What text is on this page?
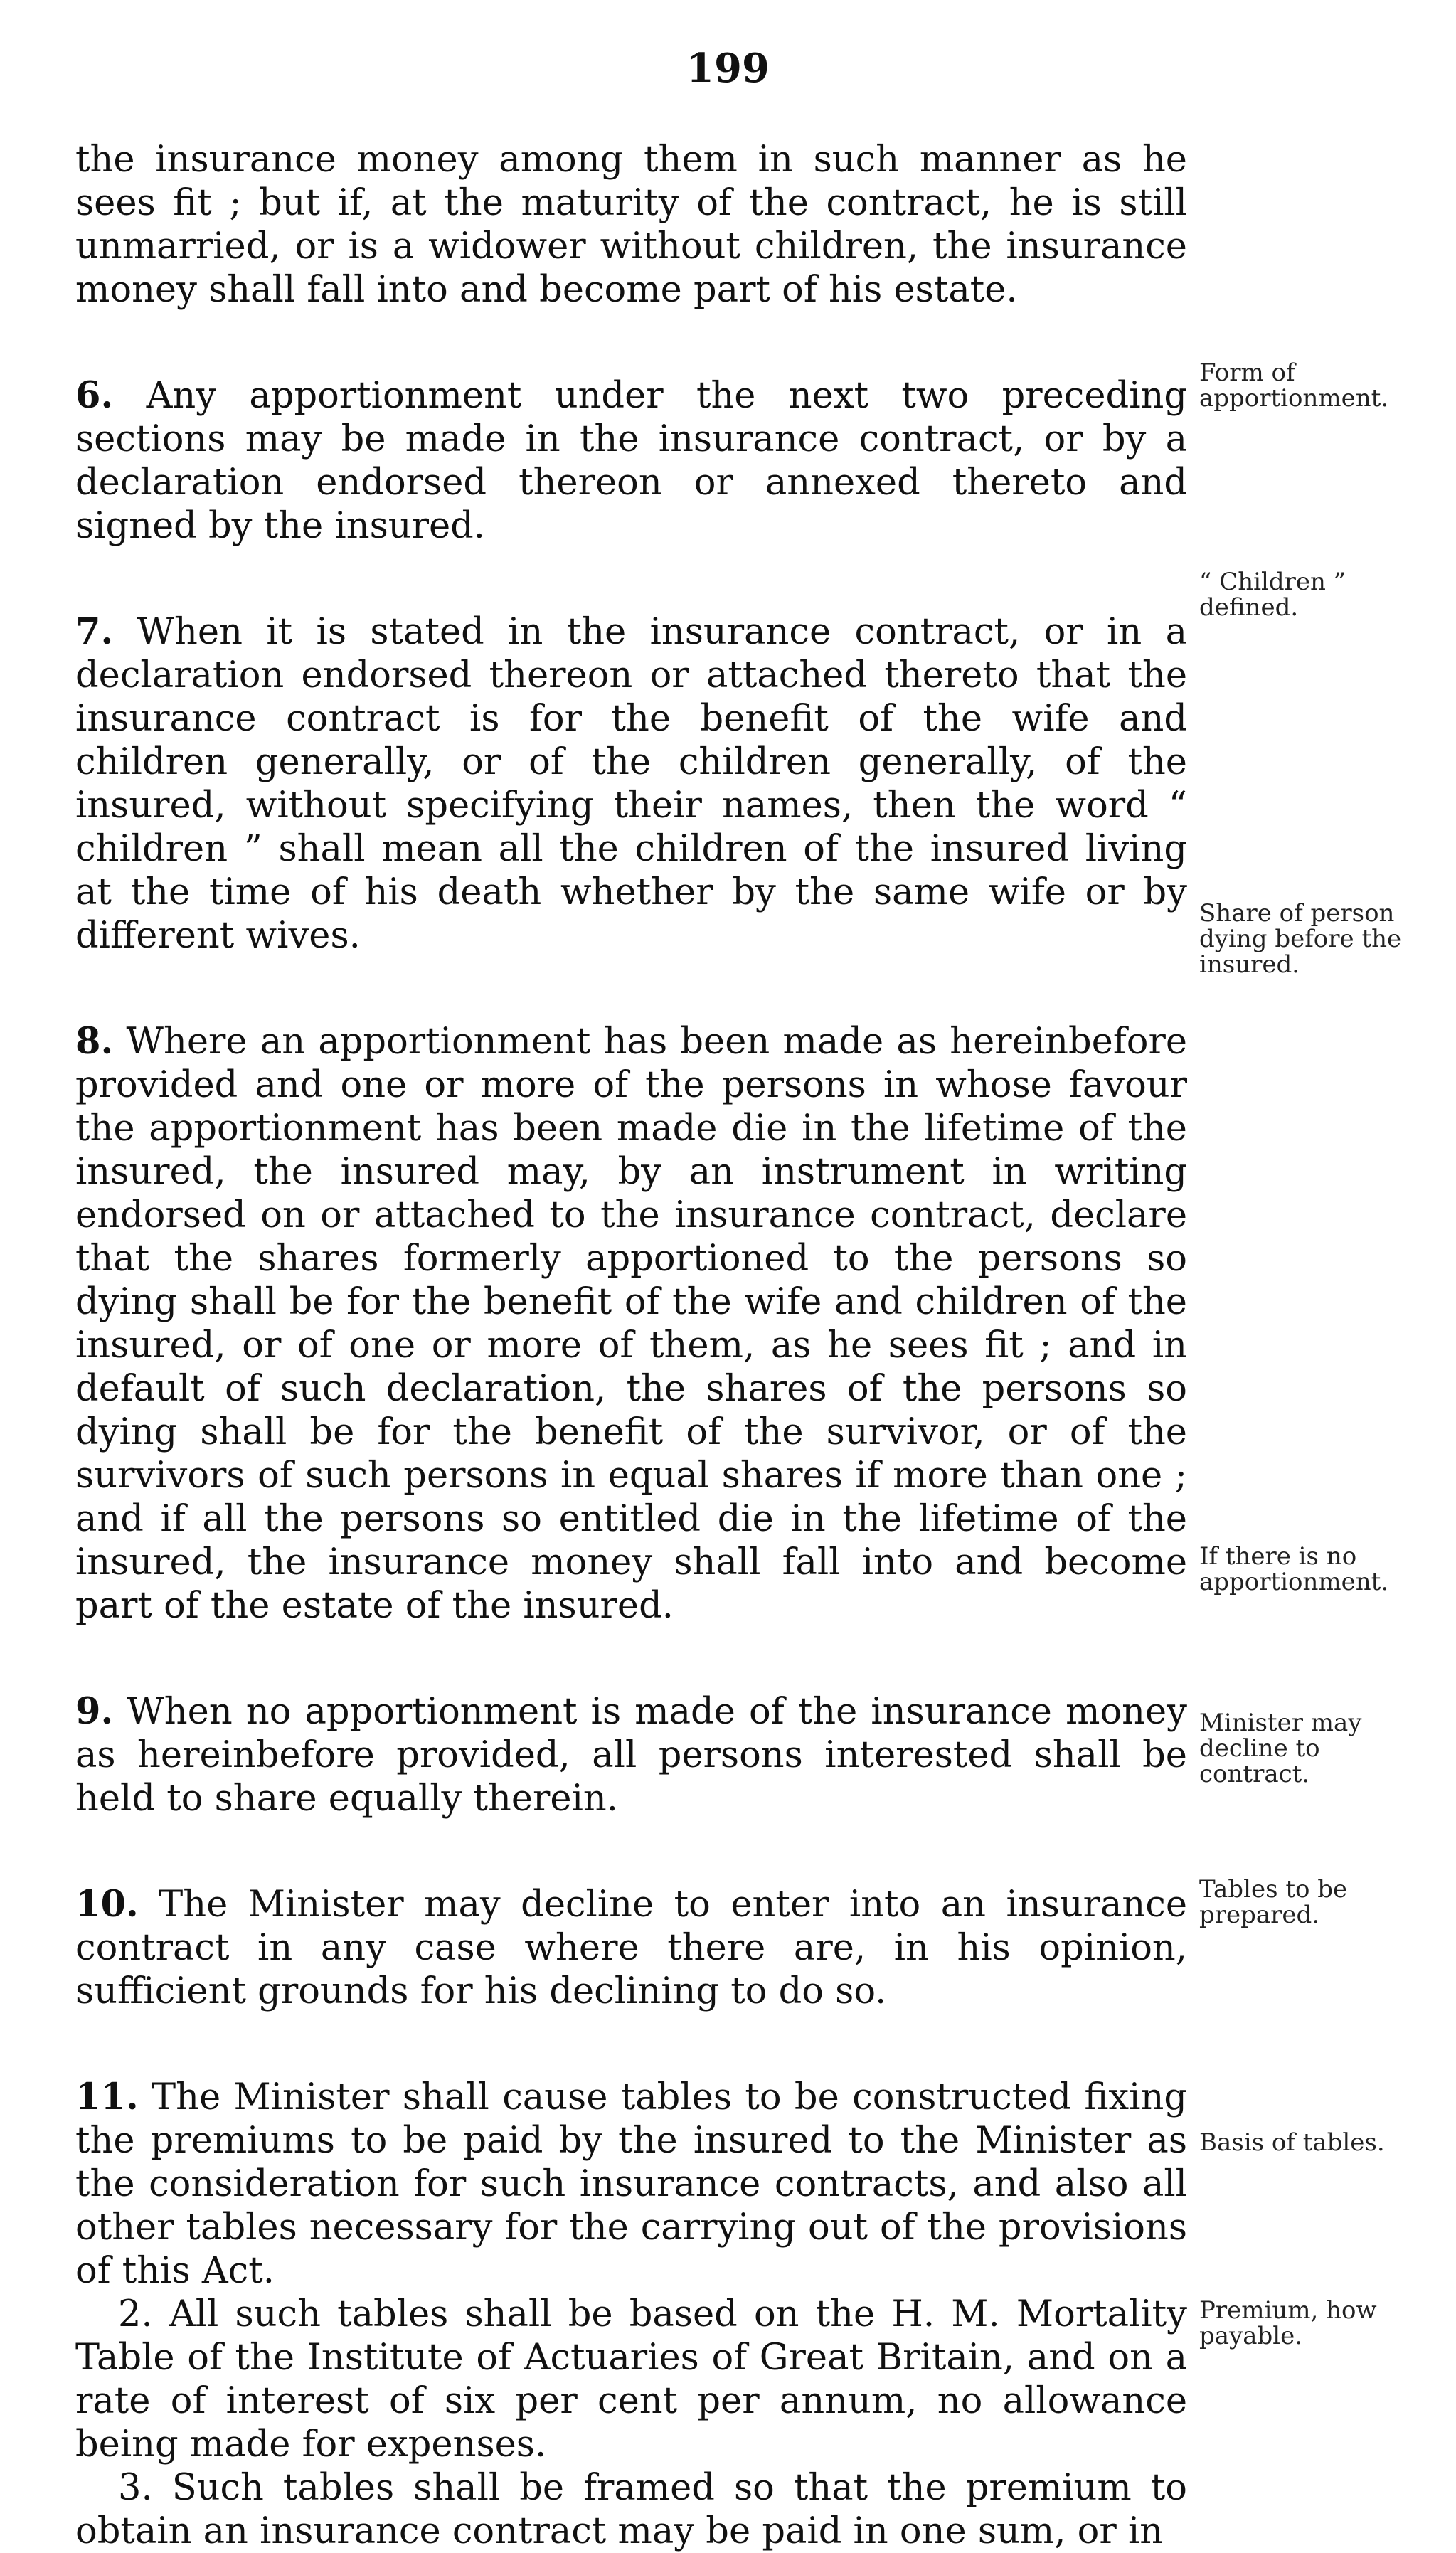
199

the insurance money among them in such manner as he sees fit ; but if, at the maturity of the contract, he is still unmarried, or is a widower without children, the insurance money shall fall into and become part of his estate.

6. Any apportionment under the next two preceding sections may be made in the insurance contract, or by a declaration endorsed thereon or annexed thereto and signed by the insured.

7. When it is stated in the insurance contract, or in a declaration endorsed thereon or attached thereto that the insurance contract is for the benefit of the wife and children generally, or of the children generally, of the insured, without specifying their names, then the word “ children ” shall mean all the children of the insured living at the time of his death whether by the same wife or by different wives.

8. Where an apportionment has been made as hereinbefore provided and one or more of the persons in whose favour the apportionment has been made die in the lifetime of the insured, the insured may, by an instrument in writing endorsed on or attached to the insurance contract, declare that the shares formerly apportioned to the persons so dying shall be for the benefit of the wife and children of the insured, or of one or more of them, as he sees fit ; and in default of such declaration, the shares of the persons so dying shall be for the benefit of the survivor, or of the survivors of such persons in equal shares if more than one ; and if all the persons so entitled die in the lifetime of the insured, the insurance money shall fall into and become part of the estate of the insured.

9. When no apportionment is made of the insurance money as hereinbefore provided, all persons interested shall be held to share equally therein.

10. The Minister may decline to enter into an insurance contract in any case where there are, in his opinion, sufficient grounds for his declining to do so.

11. The Minister shall cause tables to be constructed fixing the premiums to be paid by the insured to the Minister as the consideration for such insurance contracts, and also all other tables necessary for the carrying out of the provisions of this Act.

2. All such tables shall be based on the H. M. Mortality Table of the Institute of Actuaries of Great Britain, and on a rate of interest of six per cent per annum, no allowance being made for expenses.

3. Such tables shall be framed so that the premium to obtain an insurance contract may be paid in one sum, or in

Form of apportionment.
“ Children ” defined.
Share of person dying before the insured.
If there is no apportionment.
Minister may decline to contract.
Tables to be prepared.
Basis of tables.
Premium, how payable.
